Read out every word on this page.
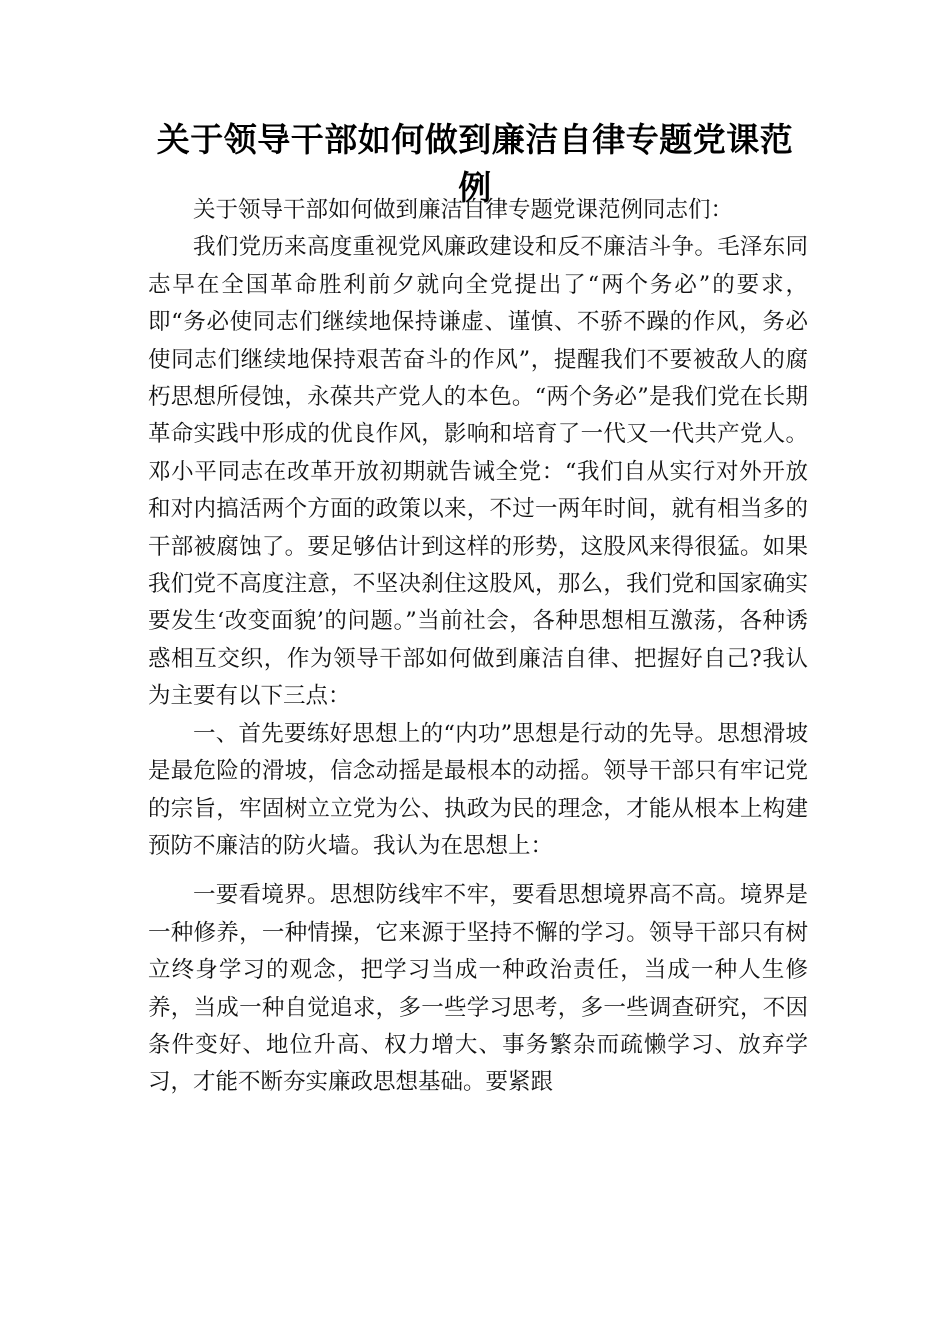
关于领导干部如何做到廉洁自律专题党课范例

关于领导干部如何做到廉洁自律专题党课范例同志们：

我们党历来高度重视党风廉政建设和反不廉洁斗争。毛泽东同志早在全国革命胜利前夕就向全党提出了“两个务必”的要求，即“务必使同志们继续地保持谦虚、谨慎、不骄不躁的作风，务必使同志们继续地保持艰苦奋斗的作风”，提醒我们不要被敌人的腐朽思想所侵蚀，永葆共产党人的本色。“两个务必”是我们党在长期革命实践中形成的优良作风，影响和培育了一代又一代共产党人。邓小平同志在改革开放初期就告诫全党：“我们自从实行对外开放和对内搞活两个方面的政策以来，不过一两年时间，就有相当多的干部被腐蚀了。要足够估计到这样的形势，这股风来得很猛。如果我们党不高度注意，不坚决刹住这股风，那么，我们党和国家确实要发生‘改变面貌’的问题。”当前社会，各种思想相互激荡，各种诱惑相互交织，作为领导干部如何做到廉洁自律、把握好自己?我认为主要有以下三点：

一、首先要练好思想上的“内功”思想是行动的先导。思想滑坡是最危险的滑坡，信念动摇是最根本的动摇。领导干部只有牢记党的宗旨，牢固树立立党为公、执政为民的理念，才能从根本上构建预防不廉洁的防火墙。我认为在思想上：

一要看境界。思想防线牢不牢，要看思想境界高不高。境界是一种修养，一种情操，它来源于坚持不懈的学习。领导干部只有树立终身学习的观念，把学习当成一种政治责任，当成一种人生修养，当成一种自觉追求，多一些学习思考，多一些调查研究，不因条件变好、地位升高、权力增大、事务繁杂而疏懒学习、放弃学习，才能不断夯实廉政思想基础。要紧跟
